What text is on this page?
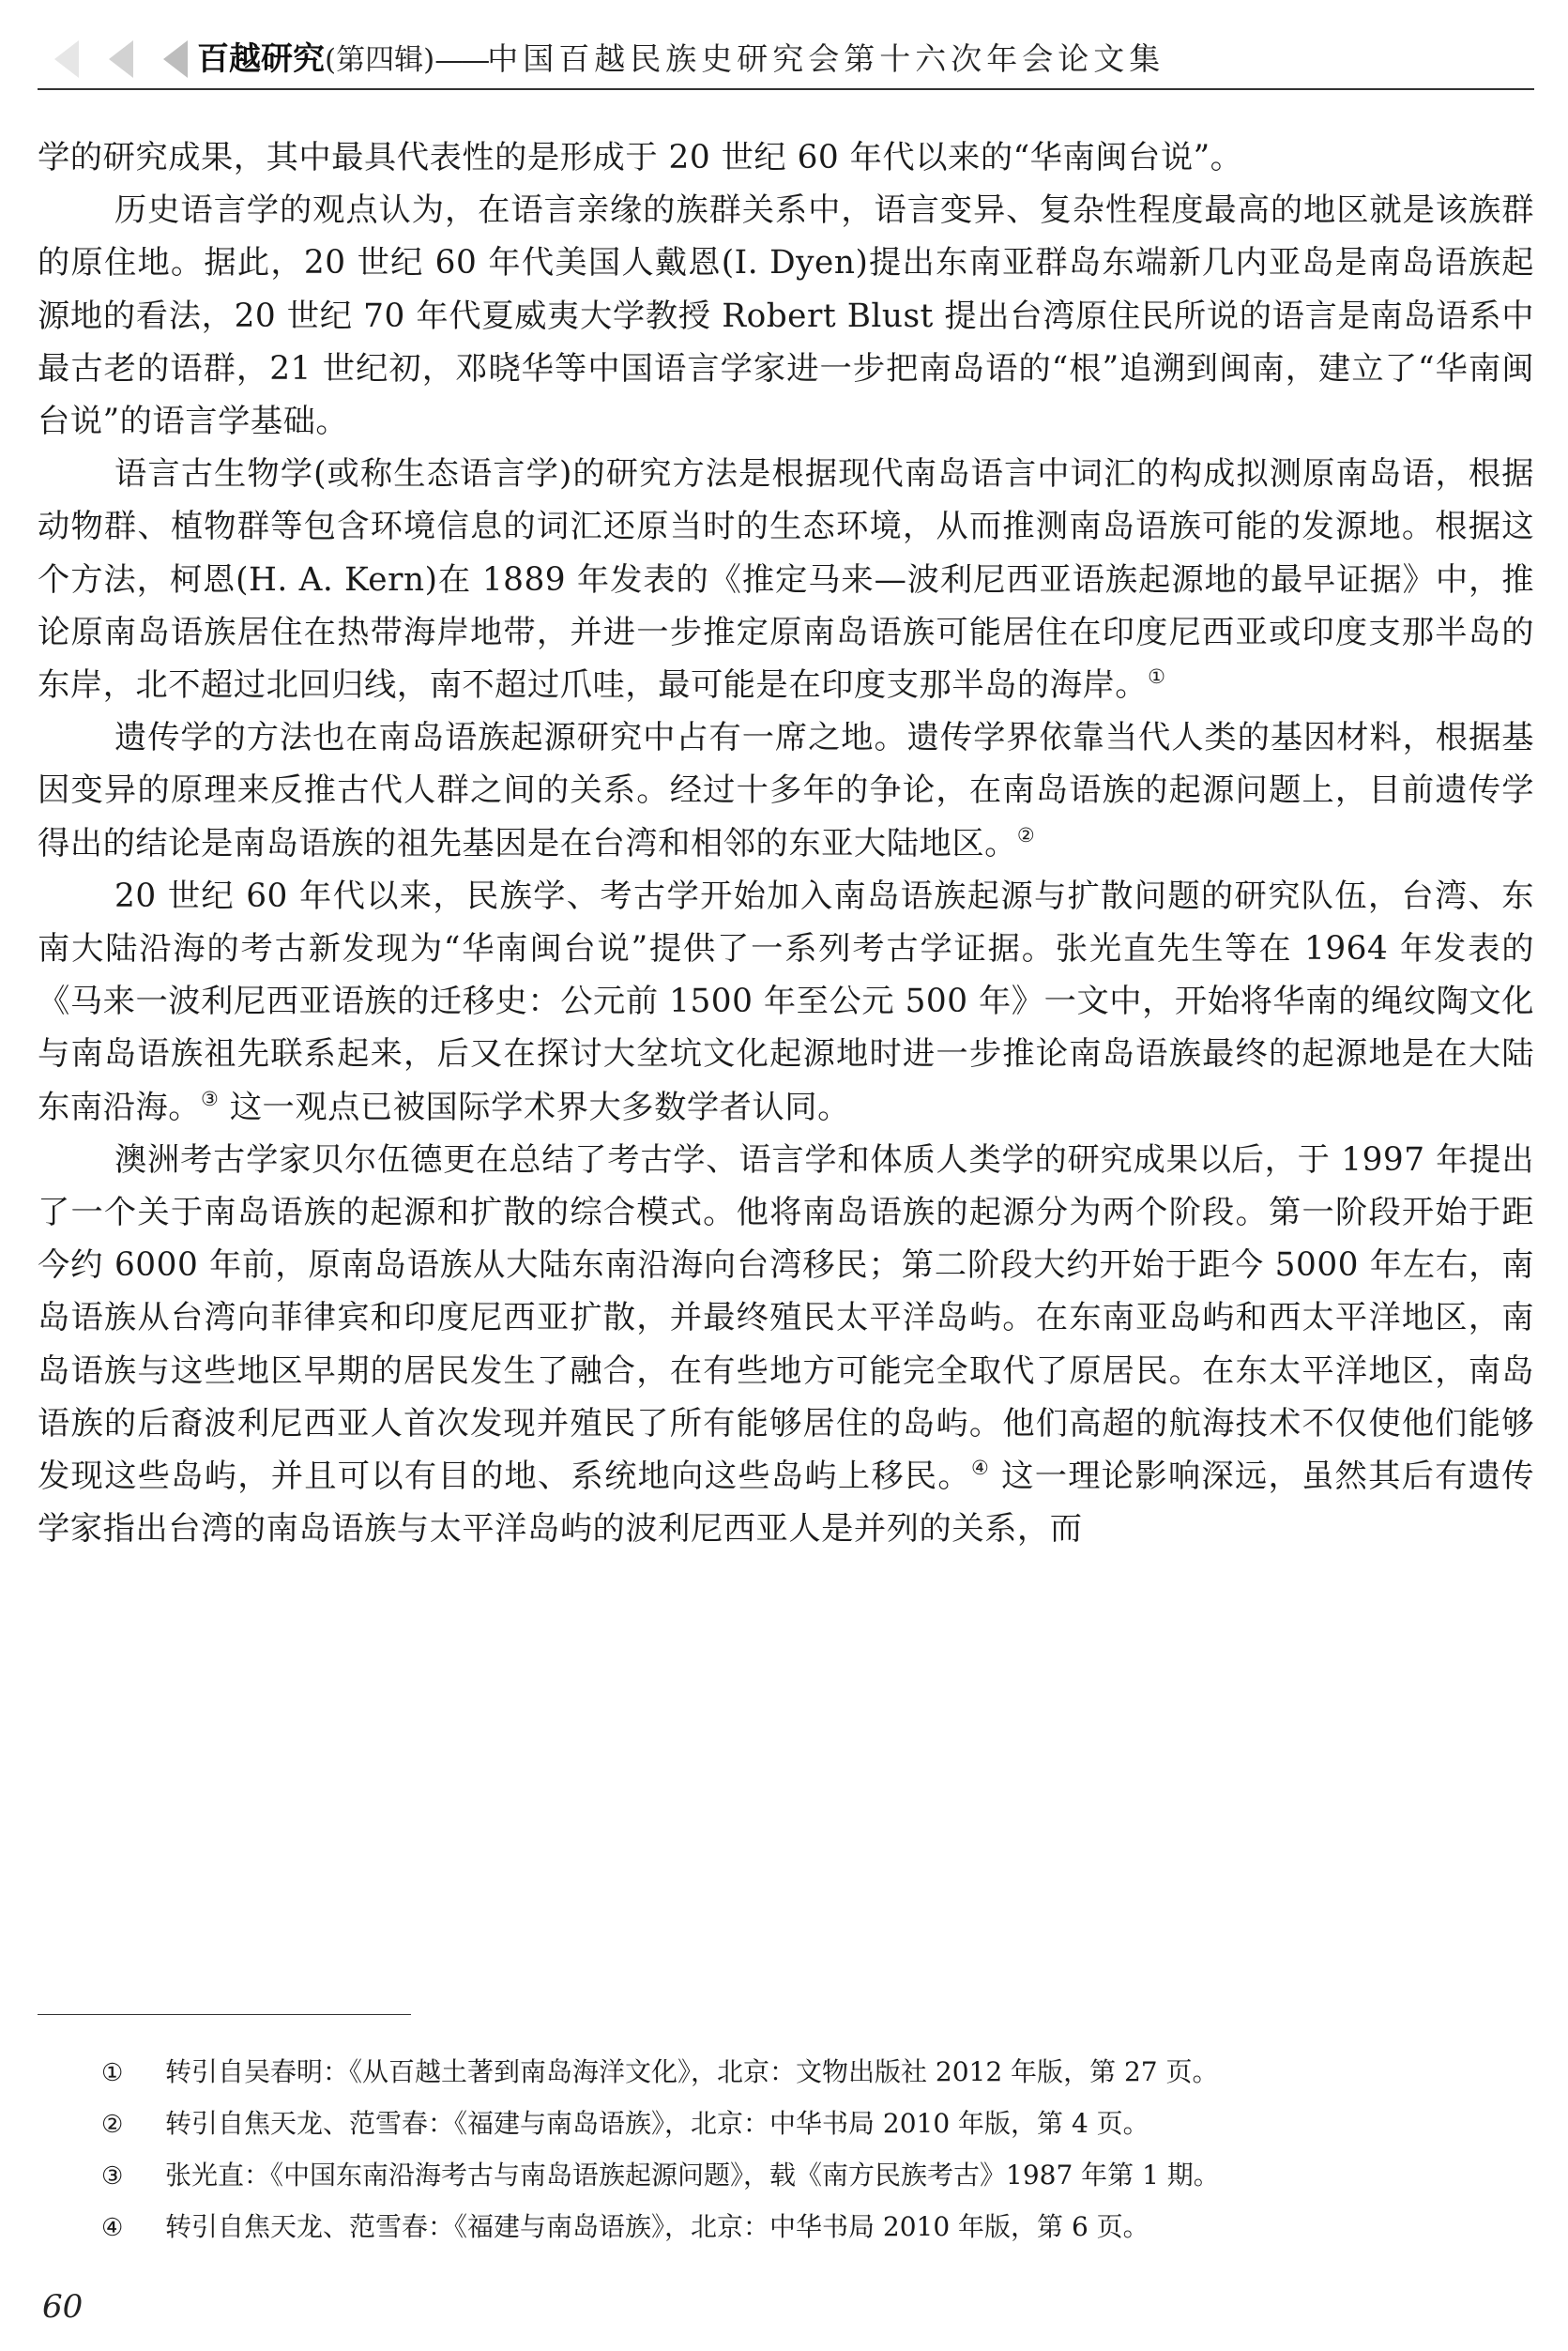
百越研究(第四辑)——中国百越民族史研究会第十六次年会论文集

学的研究成果，其中最具代表性的是形成于 20 世纪 60 年代以来的“华南闽台说”。

历史语言学的观点认为，在语言亲缘的族群关系中，语言变异、复杂性程度最高的地区就是该族群的原住地。据此，20 世纪 60 年代美国人戴恩(I. Dyen)提出东南亚群岛东端新几内亚岛是南岛语族起源地的看法，20 世纪 70 年代夏威夷大学教授 Robert Blust 提出台湾原住民所说的语言是南岛语系中最古老的语群，21 世纪初，邓晓华等中国语言学家进一步把南岛语的“根”追溯到闽南，建立了“华南闽台说”的语言学基础。

语言古生物学(或称生态语言学)的研究方法是根据现代南岛语言中词汇的构成拟测原南岛语，根据动物群、植物群等包含环境信息的词汇还原当时的生态环境，从而推测南岛语族可能的发源地。根据这个方法，柯恩(H. A. Kern)在 1889 年发表的《推定马来—波利尼西亚语族起源地的最早证据》中，推论原南岛语族居住在热带海岸地带，并进一步推定原南岛语族可能居住在印度尼西亚或印度支那半岛的东岸，北不超过北回归线，南不超过爪哇，最可能是在印度支那半岛的海岸。①

遗传学的方法也在南岛语族起源研究中占有一席之地。遗传学界依靠当代人类的基因材料，根据基因变异的原理来反推古代人群之间的关系。经过十多年的争论，在南岛语族的起源问题上，目前遗传学得出的结论是南岛语族的祖先基因是在台湾和相邻的东亚大陆地区。②

20 世纪 60 年代以来，民族学、考古学开始加入南岛语族起源与扩散问题的研究队伍，台湾、东南大陆沿海的考古新发现为“华南闽台说”提供了一系列考古学证据。张光直先生等在 1964 年发表的《马来一波利尼西亚语族的迁移史：公元前 1500 年至公元 500 年》一文中，开始将华南的绳纹陶文化与南岛语族祖先联系起来，后又在探讨大坌坑文化起源地时进一步推论南岛语族最终的起源地是在大陆东南沿海。③ 这一观点已被国际学术界大多数学者认同。

澳洲考古学家贝尔伍德更在总结了考古学、语言学和体质人类学的研究成果以后，于 1997 年提出了一个关于南岛语族的起源和扩散的综合模式。他将南岛语族的起源分为两个阶段。第一阶段开始于距今约 6000 年前，原南岛语族从大陆东南沿海向台湾移民；第二阶段大约开始于距今 5000 年左右，南岛语族从台湾向菲律宾和印度尼西亚扩散，并最终殖民太平洋岛屿。在东南亚岛屿和西太平洋地区，南岛语族与这些地区早期的居民发生了融合，在有些地方可能完全取代了原居民。在东太平洋地区，南岛语族的后裔波利尼西亚人首次发现并殖民了所有能够居住的岛屿。他们高超的航海技术不仅使他们能够发现这些岛屿，并且可以有目的地、系统地向这些岛屿上移民。④ 这一理论影响深远，虽然其后有遗传学家指出台湾的南岛语族与太平洋岛屿的波利尼西亚人是并列的关系，而

① 转引自吴春明：《从百越土著到南岛海洋文化》，北京：文物出版社 2012 年版，第 27 页。
② 转引自焦天龙、范雪春：《福建与南岛语族》，北京：中华书局 2010 年版，第 4 页。
③ 张光直：《中国东南沿海考古与南岛语族起源问题》，载《南方民族考古》1987 年第 1 期。
④ 转引自焦天龙、范雪春：《福建与南岛语族》，北京：中华书局 2010 年版，第 6 页。
60
